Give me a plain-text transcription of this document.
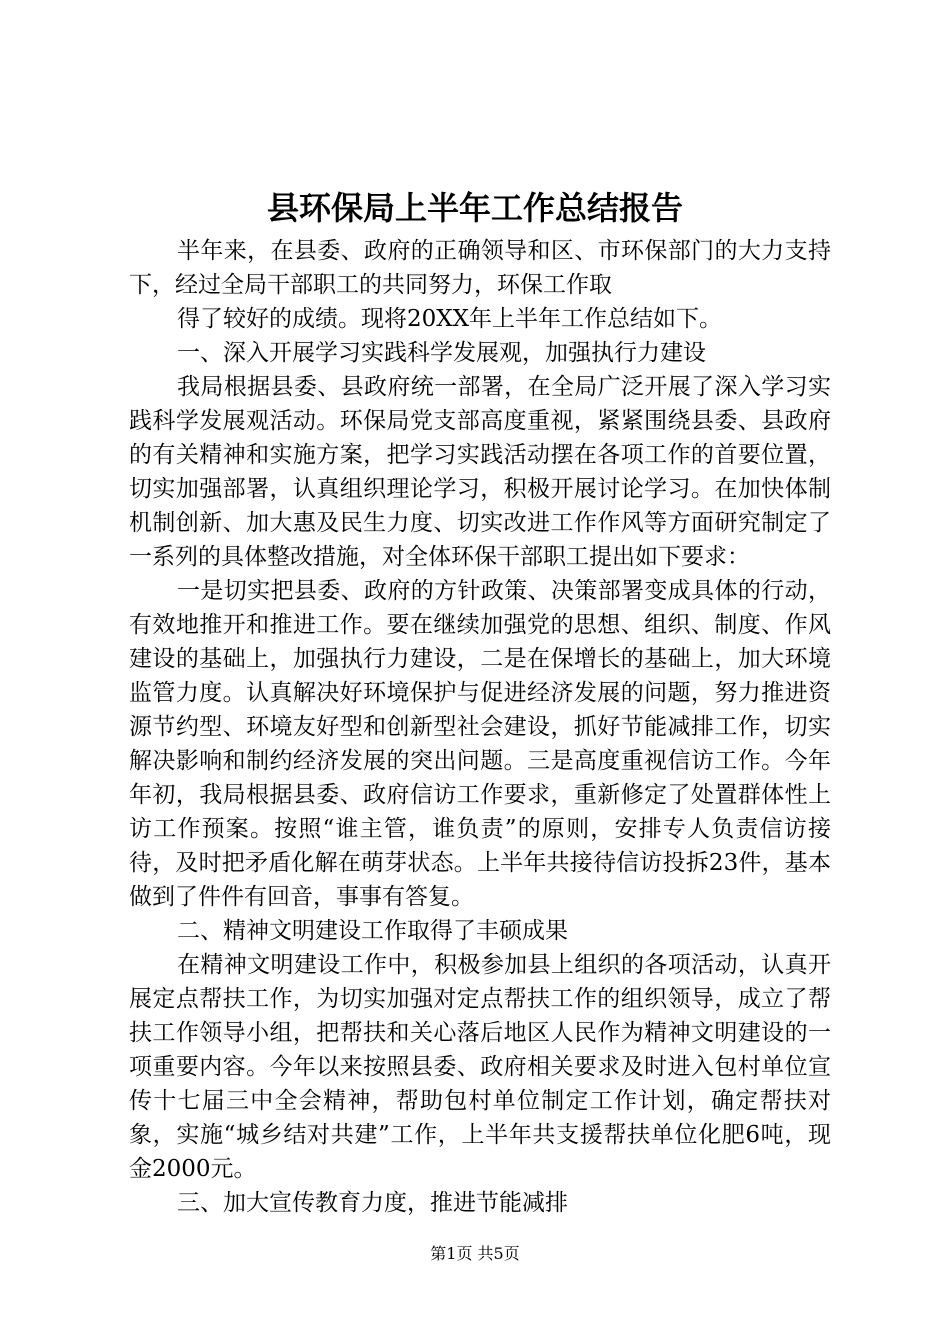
县环保局上半年工作总结报告

半年来，在县委、政府的正确领导和区、市环保部门的大力支持下，经过全局干部职工的共同努力，环保工作取

得了较好的成绩。现将20XX年上半年工作总结如下。

一、深入开展学习实践科学发展观，加强执行力建设

我局根据县委、县政府统一部署，在全局广泛开展了深入学习实践科学发展观活动。环保局党支部高度重视，紧紧围绕县委、县政府的有关精神和实施方案，把学习实践活动摆在各项工作的首要位置，切实加强部署，认真组织理论学习，积极开展讨论学习。在加快体制机制创新、加大惠及民生力度、切实改进工作作风等方面研究制定了一系列的具体整改措施，对全体环保干部职工提出如下要求：

一是切实把县委、政府的方针政策、决策部署变成具体的行动，有效地推开和推进工作。要在继续加强党的思想、组织、制度、作风建设的基础上，加强执行力建设，二是在保增长的基础上，加大环境监管力度。认真解决好环境保护与促进经济发展的问题，努力推进资源节约型、环境友好型和创新型社会建设，抓好节能减排工作，切实解决影响和制约经济发展的突出问题。三是高度重视信访工作。今年年初，我局根据县委、政府信访工作要求，重新修定了处置群体性上访工作预案。按照“谁主管，谁负责”的原则，安排专人负责信访接待，及时把矛盾化解在萌芽状态。上半年共接待信访投拆23件，基本做到了件件有回音，事事有答复。

二、精神文明建设工作取得了丰硕成果

在精神文明建设工作中，积极参加县上组织的各项活动，认真开展定点帮扶工作，为切实加强对定点帮扶工作的组织领导，成立了帮扶工作领导小组，把帮扶和关心落后地区人民作为精神文明建设的一项重要内容。今年以来按照县委、政府相关要求及时进入包村单位宣传十七届三中全会精神，帮助包村单位制定工作计划，确定帮扶对象，实施“城乡结对共建”工作，上半年共支援帮扶单位化肥6吨，现金2000元。

三、加大宣传教育力度，推进节能减排

第1页 共5页
